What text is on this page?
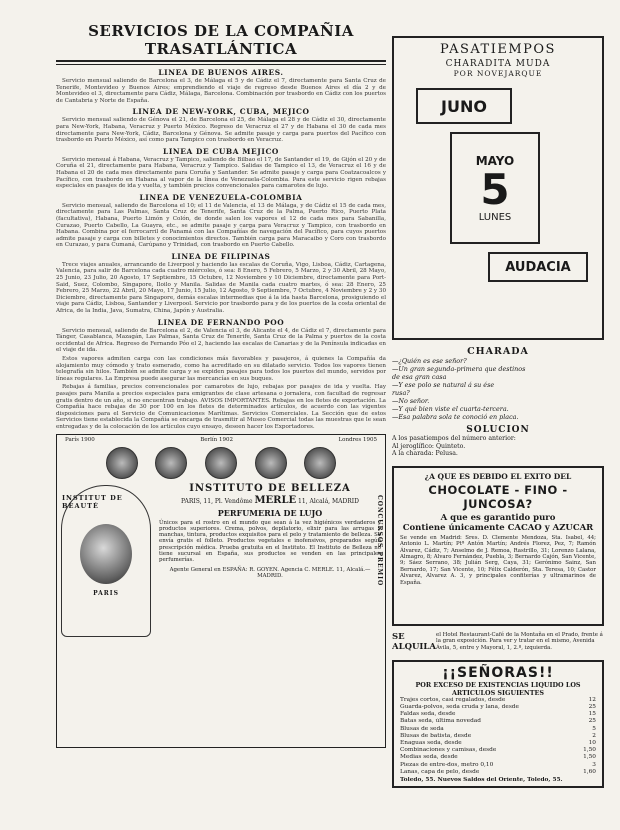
SERVICIOS DE LA COMPAÑIA TRASATLÁNTICA
LINEA DE BUENOS AIRES.
Servicio mensual saliendo de Barcelona el 3, de Málaga el 5 y de Cádiz el 7, directamente para Santa Cruz de Tenerife, Montevideo y Buenos Aires; emprendiendo el viaje de regreso desde Buenos Aires el día 2 y de Montevideo el 3, directamente para Cádiz, Málaga, Barcelona. Combinación por trasbordo en Cádiz con los puertos de Cantabria y Norte de España.
LINEA DE NEW-YORK, CUBA, MEJICO
Servicio mensual saliendo de Génova el 21, de Barcelona el 25, de Málaga el 28 y de Cádiz el 30, directamente para New-York, Habana, Veracruz y Puerto México. Regreso de Veracruz el 27 y de Habana el 30 de cada mes directamente para New-York, Cádiz, Barcelona y Génova. Se admite pasaje y carga para puertos del Pacífico con trasbordo en Puerto México, así como para Tampico con trasbordo en Veracruz.
LINEA DE CUBA MEJICO
Servicio mensual á Habana, Veracruz y Tampico, saliendo de Bilbao el 17, de Santander el 19, de Gijón el 20 y de Coruña el 21, directamente para Habana, Veracruz y Tampico. Salidas de Tampico el 13, de Veracruz el 16 y de Habana el 20 de cada mes directamente para Coruña y Santander. Se admite pasaje y carga para Coatzacoalcos y Pacífico, con trasbordo en Habana al vapor de la línea de Venezuela-Colombia. Para este servicio rigen rebajas especiales en pasajes de ida y vuelta, y también precios convencionales para camarotes de lujo.
LINEA DE VENEZUELA-COLOMBIA
Servicio mensual, saliendo de Barcelona el 10; el 11 de Valencia, el 13 de Málaga, y de Cádiz el 15 de cada mes, directamente para Las Palmas, Santa Cruz de Tenerife, Santa Cruz de la Palma, Puerto Rico, Puerto Plata (facultativa), Habana, Puerto Limón y Colón, de donde salen los vapores el 12 de cada mes para Sabanilla, Curazao, Puerto Cabello, La Guayra, etc., se admite pasaje y carga para Veracruz y Tampico, con trasbordo en Habana. Combina por el ferrocarril de Panamá con las Compañías de navegación del Pacífico, para cuyos puertos admite pasaje y carga con billetes y conocimientos directos. También carga para Maracaibo y Coro con trasbordo en Curazao, y para Cumaná, Carúpano y Trinidad, con trasbordo en Puerto Cabello.
LINEA DE FILIPINAS
Trece viajes anuales, arrancando de Liverpool y haciendo las escalas de Coruña, Vigo, Lisboa, Cádiz, Cartagena, Valencia, para salir de Barcelona cada cuatro miércoles, ó sea: 8 Enero, 5 Febrero, 5 Marzo, 2 y 30 Abril, 28 Mayo, 25 Junio, 23 Julio, 20 Agosto, 17 Septiembre, 15 Octubre, 12 Noviembre y 10 Diciembre, directamente para Port-Said, Suez, Colombo, Singapore, Iloilo y Manila. Salidas de Manila cada cuatro martes, ó sea: 28 Enero, 25 Febrero, 25 Marzo, 22 Abril, 20 Mayo, 17 Junio, 15 Julio, 12 Agosto, 9 Septiembre, 7 Octubre, 4 Noviembre y 2 y 30 Diciembre, directamente para Singapore, demás escalas intermedias que á la ida hasta Barcelona, prosiguiendo el viaje para Cádiz, Lisboa, Santander y Liverpool. Servicio por trasbordo para y de los puertos de la costa oriental de Africa, de la India, Java, Sumatra, China, Japón y Australia.
LINEA DE FERNANDO POO
Servicio mensual, saliendo de Barcelona el 2, de Valencia el 3, de Alicante el 4, de Cádiz el 7, directamente para Tánger, Casablanca, Mazagán, Las Palmas, Santa Cruz de Tenerife, Santa Cruz de la Palma y puertos de la costa occidental de Africa. Regreso de Fernando Póo el 2, haciendo las escalas de Canarias y de la Península indicadas en el viaje de ida.
Estos vapores admiten carga con las condiciones más favorables y pasajeros, á quienes la Compañía da alojamiento muy cómodo y trato esmerado, como ha acreditado en su dilatado servicio. Todos los vapores tienen telegrafía sin hilos. También se admite carga y se expiden pasajes para todos los puertos del mundo, servidos por líneas regulares. La Empresa puede asegurar las mercancías en sus buques.
Rebajas á familias, precios convencionales por camarotes de lujo, rebajas por pasajes de ida y vuelta. Hay pasajes para Manila a precios especiales para emigrantes de clase artesana o jornalera, con facultad de regresar gratis dentro de un año, si no encuentran trabajo. AVISOS IMPORTANTES. Rebajas en los fletes de exportación. La Compañía hace rebajas de 30 por 100 en los fletes de determinados artículos, de acuerdo con las vigentes disposiciones para el Servicio de Comunicaciones Marítimas. Servicios Comerciales. La Sección que de estos Servicios tiene establecida la Compañía se encarga de trasmitir al Museo Comercial todas las muestras que le sean entregadas y de la colocación de los artículos cuyo ensayo, deseen hacer los Exportadores.
París 1900	Berlín 1902	Londres 1905
INSTITUT DE BEAUTÉ
PARIS
INSTITUTO DE BELLEZA
PARIS, 11, Pl. Vendôme MERLE 11, Alcalá, MADRID
PERFUMERIA DE LUJO
Únicos para el rostro en el mundo que sean á la vez higiénicos verdaderos y productos superiores. Crema, polvos, depilatorio, elixir para las arrugas y manchas, tintura, productos exquisitos para el pelo y tratamiento de belleza. Se envía gratis el folleto. Productos vegetales e inofensivos, preparados según prescripción médica. Prueba gratuita en el Instituto. El Instituto de Belleza no tiene sucursal en España, sus productos se venden en las principales perfumerías.
Agente General en ESPAÑA: R. GOYEN. Agencia C. MERLE. 11, Alcalá.—MADRID.	CONCURSOS PREMIO
PASATIEMPOS
CHARADITA MUDA
POR NOVEJARQUE
JUNO
MAYO
5
LUNES
AUDACIA
CHARADA
—¿Quién es ese señor?
—Un gran segunda-primera que destinos
de esa gran casa
—Y ese polo se natural á su ése
rusa?
—No señor.
—Y qué bien viste el cuarta-tercera.
—Esa palabra sola te conoció en placa.
SOLUCION
A los pasatiempos del número anterior:
Al jeroglífico: Quinteto.
A la charada: Pelusa.
¿A QUE ES DEBIDO EL EXITO DEL
CHOCOLATE - FINO - JUNCOSA?
A que es garantido puro
Contiene únicamente CACAO y AZUCAR
Se vende en Madrid: Sres. D. Clemente Mendoza, Sta. Isabel, 44; Antonio L. Martín; Ptª Antón Martín; Andrés Florez, Pez, 7; Ramón Álvarez, Cádiz, 7; Anselmo de J. Remoa, Rastrillo, 31; Lorenzo Lalana, Almagro, 8; Alvaro Fernández, Puebla, 3; Bernardo Cajón, San Vicente, 9; Sáez Serrano, 38; Julián Serg, Caya, 31; Gerónimo Sainz, San Bernardo, 17; San Vicente, 10; Félix Calderón, Sta. Teresa, 10; Castor Alvarez, Alvarez A. 3, y principales confiterías y ultramarinos de España.
SE ALQUILA
el Hotel Restaurant-Café de la Montaña en el Prado, frente á la gran exposición. Para ver y tratar en el mismo, Avenida Ávila, 5, entre y Mayoral, 1, 2.º, izquierda.
¡¡SEÑORAS!!
POR EXCESO DE EXISTENCIAS LIQUIDO LOS ARTICULOS SIGUIENTES
Trajes cortos, casi regalados, desde	12
Guarda-polvos, seda cruda y lana, desde	25
Faldas seda, desde	15
Batas seda, última novedad	25
Blusas de seda	5
Blusas de batista, desde	2
Enaguas seda, desde	10
Combinaciones y camisas, desde	1,50
Medias seda, desde	1,50
Piezas de entre-dos, metro 0,10	3
Lanas, capa de pelo, desde	1,60
Toledo, 55. Nuevos Saldos del Oriente, Toledo, 55.
